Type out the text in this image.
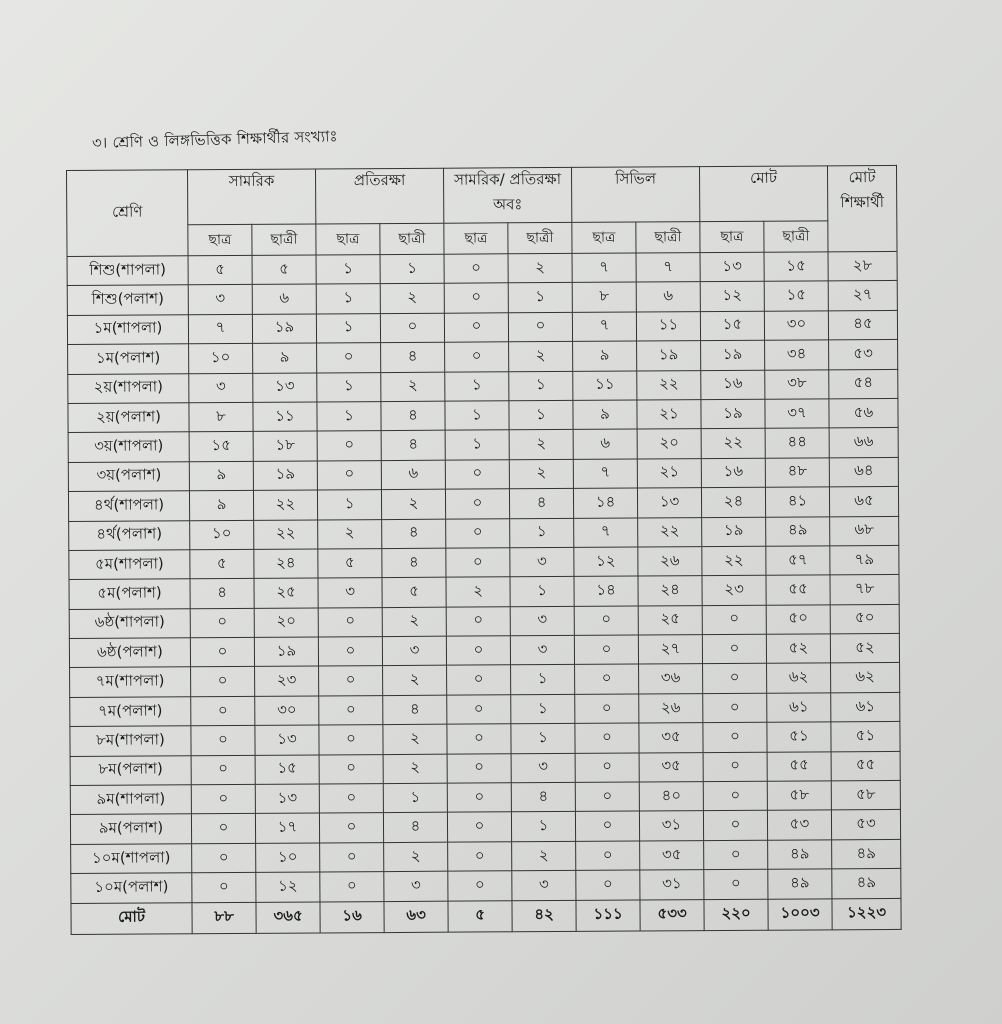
৩। শ্রেণি ও লিঙ্গভিত্তিক শিক্ষার্থীর সংখ্যাঃ
শ্রেণি	সামরিক		প্রতিরক্ষা		সামরিক/ প্রতিরক্ষা অবঃ		সিভিল		মোট		মোট শিক্ষার্থী
	ছাত্র	ছাত্রী	ছাত্র	ছাত্রী	ছাত্র	ছাত্রী	ছাত্র	ছাত্রী	ছাত্র	ছাত্রী	
শিশু(শাপলা)	৫	৫	১	১	০	২	৭	৭	১৩	১৫	২৮
শিশু(পলাশ)	৩	৬	১	২	০	১	৮	৬	১২	১৫	২৭
১ম(শাপলা)	৭	১৯	১	০	০	০	৭	১১	১৫	৩০	৪৫
১ম(পলাশ)	১০	৯	০	৪	০	২	৯	১৯	১৯	৩৪	৫৩
২য়(শাপলা)	৩	১৩	১	২	১	১	১১	২২	১৬	৩৮	৫৪
২য়(পলাশ)	৮	১১	১	৪	১	১	৯	২১	১৯	৩৭	৫৬
৩য়(শাপলা)	১৫	১৮	০	৪	১	২	৬	২০	২২	৪৪	৬৬
৩য়(পলাশ)	৯	১৯	০	৬	০	২	৭	২১	১৬	৪৮	৬৪
৪র্থ(শাপলা)	৯	২২	১	২	০	৪	১৪	১৩	২৪	৪১	৬৫
৪র্থ(পলাশ)	১০	২২	২	৪	০	১	৭	২২	১৯	৪৯	৬৮
৫ম(শাপলা)	৫	২৪	৫	৪	০	৩	১২	২৬	২২	৫৭	৭৯
৫ম(পলাশ)	৪	২৫	৩	৫	২	১	১৪	২৪	২৩	৫৫	৭৮
৬ষ্ঠ(শাপলা)	০	২০	০	২	০	৩	০	২৫	০	৫০	৫০
৬ষ্ঠ(পলাশ)	০	১৯	০	৩	০	৩	০	২৭	০	৫২	৫২
৭ম(শাপলা)	০	২৩	০	২	০	১	০	৩৬	০	৬২	৬২
৭ম(পলাশ)	০	৩০	০	৪	০	১	০	২৬	০	৬১	৬১
৮ম(শাপলা)	০	১৩	০	২	০	১	০	৩৫	০	৫১	৫১
৮ম(পলাশ)	০	১৫	০	২	০	৩	০	৩৫	০	৫৫	৫৫
৯ম(শাপলা)	০	১৩	০	১	০	৪	০	৪০	০	৫৮	৫৮
৯ম(পলাশ)	০	১৭	০	৪	০	১	০	৩১	০	৫৩	৫৩
১০ম(শাপলা)	০	১০	০	২	০	২	০	৩৫	০	৪৯	৪৯
১০ম(পলাশ)	০	১২	০	৩	০	৩	০	৩১	০	৪৯	৪৯
মোট	৮৮	৩৬৫	১৬	৬৩	৫	৪২	১১১	৫৩৩	২২০	১০০৩	১২২৩
